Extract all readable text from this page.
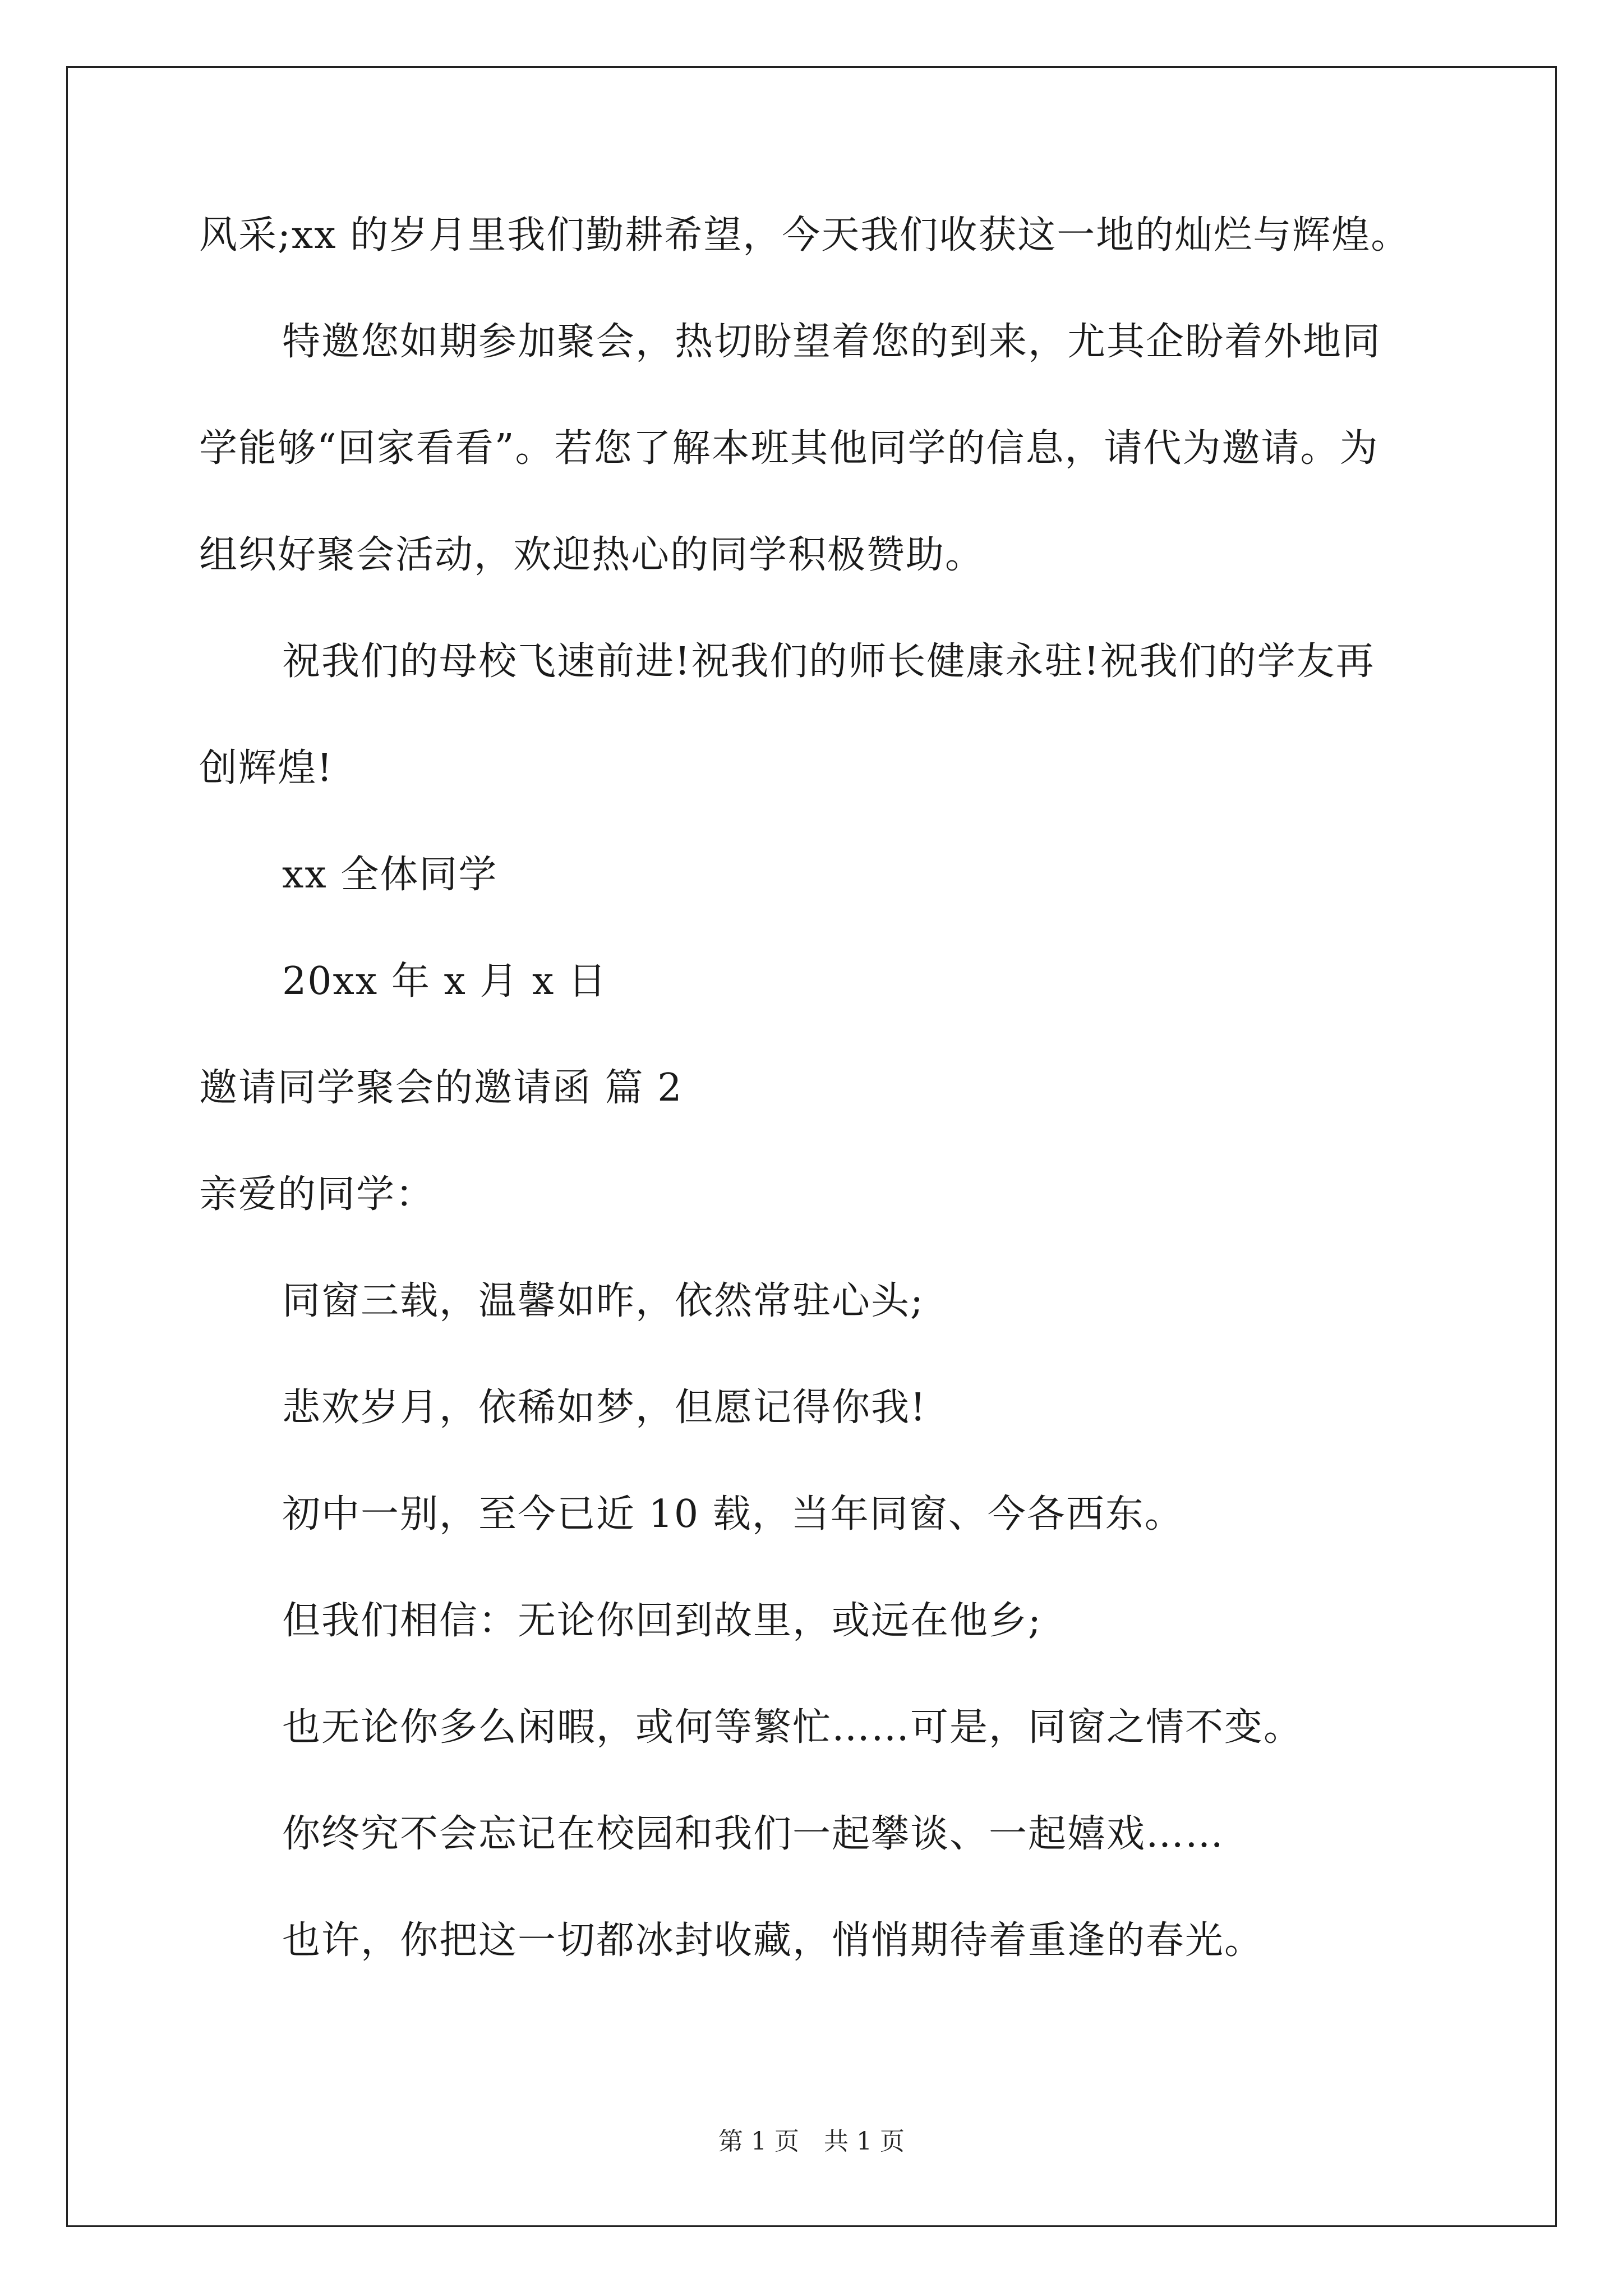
风采;xx 的岁月里我们勤耕希望，今天我们收获这一地的灿烂与辉煌。
特邀您如期参加聚会，热切盼望着您的到来，尤其企盼着外地同
学能够“回家看看”。若您了解本班其他同学的信息，请代为邀请。为
组织好聚会活动，欢迎热心的同学积极赞助。
祝我们的母校飞速前进!祝我们的师长健康永驻!祝我们的学友再
创辉煌!
xx 全体同学
20xx 年 x 月 x 日
邀请同学聚会的邀请函 篇 2
亲爱的同学：
同窗三载，温馨如昨，依然常驻心头;
悲欢岁月，依稀如梦，但愿记得你我!
初中一别，至今已近 10 载，当年同窗、今各西东。
但我们相信：无论你回到故里，或远在他乡;
也无论你多么闲暇，或何等繁忙……可是，同窗之情不变。
你终究不会忘记在校园和我们一起攀谈、一起嬉戏……
也许，你把这一切都冰封收藏，悄悄期待着重逢的春光。
第 1 页　共 1 页
